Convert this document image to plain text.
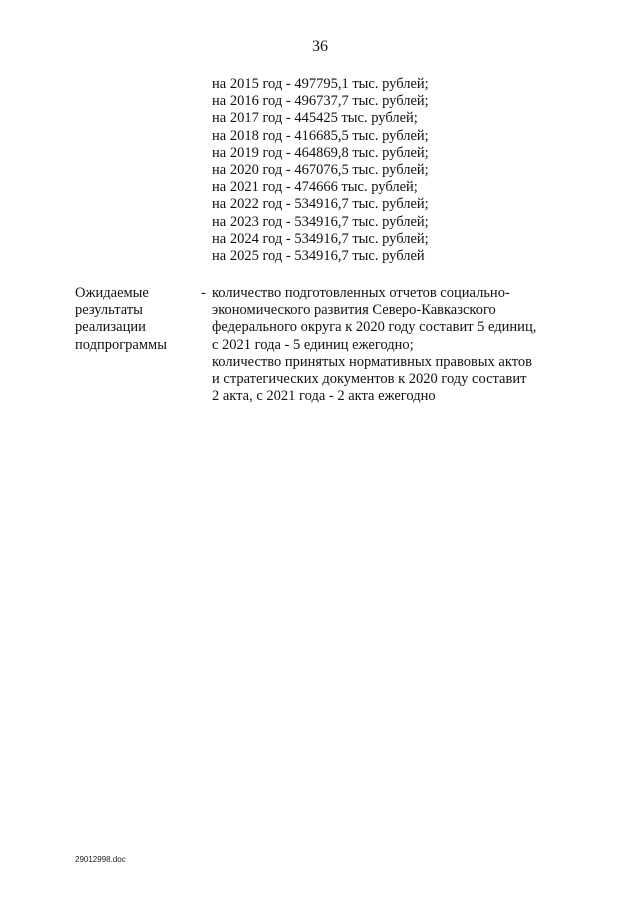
36
на 2015 год - 497795,1 тыс. рублей;
на 2016 год - 496737,7 тыс. рублей;
на 2017 год - 445425 тыс. рублей;
на 2018 год - 416685,5 тыс. рублей;
на 2019 год - 464869,8 тыс. рублей;
на 2020 год - 467076,5 тыс. рублей;
на 2021 год - 474666 тыс. рублей;
на 2022 год - 534916,7 тыс. рублей;
на 2023 год - 534916,7 тыс. рублей;
на 2024 год - 534916,7 тыс. рублей;
на 2025 год - 534916,7 тыс. рублей
Ожидаемые
результаты
реализации
подпрограммы
- количество подготовленных отчетов социально-
экономического развития Северо-Кавказского
федерального округа к 2020 году составит 5 единиц,
с 2021 года - 5 единиц ежегодно;
количество принятых нормативных правовых актов
и стратегических документов к 2020 году составит
2 акта, с 2021 года - 2 акта ежегодно
29012998.doc
